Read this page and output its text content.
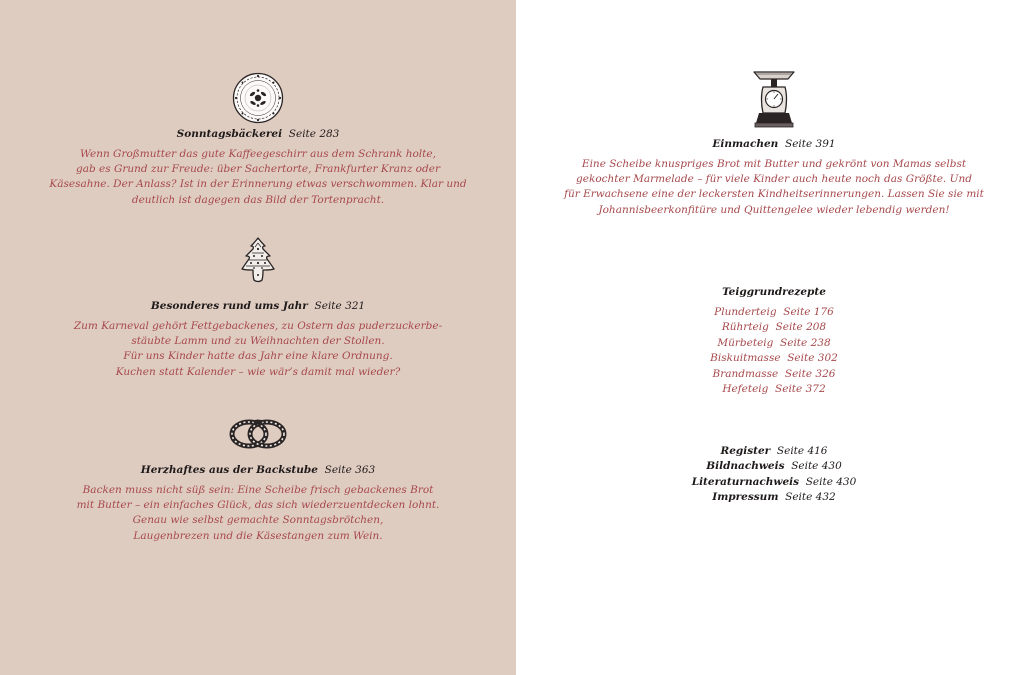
Sonntagsbäckerei Seite 283
Wenn Großmutter das gute Kaffeegeschirr aus dem Schrank holte,
gab es Grund zur Freude: über Sachertorte, Frankfurter Kranz oder
Käsesahne. Der Anlass? Ist in der Erinnerung etwas verschwommen. Klar und
deutlich ist dagegen das Bild der Tortenpracht.
Besonderes rund ums Jahr Seite 321
Zum Karneval gehört Fettgebackenes, zu Ostern das puderzuckerbe-
stäubte Lamm und zu Weihnachten der Stollen.
Für uns Kinder hatte das Jahr eine klare Ordnung.
Kuchen statt Kalender – wie wär’s damit mal wieder?
Herzhaftes aus der Backstube Seite 363
Backen muss nicht süß sein: Eine Scheibe frisch gebackenes Brot
mit Butter – ein einfaches Glück, das sich wiederzuentdecken lohnt.
Genau wie selbst gemachte Sonntagsbrötchen,
Laugenbrezen und die Käsestangen zum Wein.
Einmachen Seite 391
Eine Scheibe knuspriges Brot mit Butter und gekrönt von Mamas selbst
gekochter Marmelade – für viele Kinder auch heute noch das Größte. Und
für Erwachsene eine der leckersten Kindheitserinnerungen. Lassen Sie sie mit
Johannisbeerkonfitüre und Quittengelee wieder lebendig werden!
Teiggrundrezepte
Plunderteig Seite 176
Rührteig Seite 208
Mürbeteig Seite 238
Biskuitmasse Seite 302
Brandmasse Seite 326
Hefeteig Seite 372
Register Seite 416
Bildnachweis Seite 430
Literaturnachweis Seite 430
Impressum Seite 432
